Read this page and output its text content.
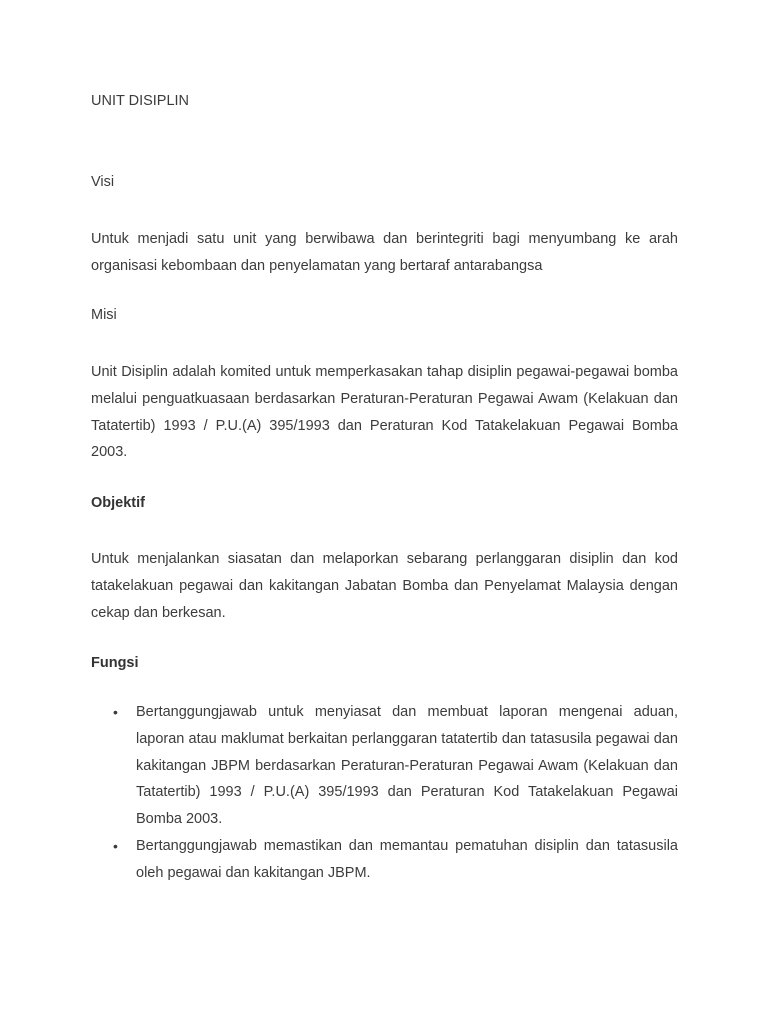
UNIT DISIPLIN

Visi

Untuk menjadi satu unit yang berwibawa dan berintegriti bagi menyumbang ke arah organisasi kebombaan dan penyelamatan yang bertaraf antarabangsa

Misi

Unit Disiplin adalah komited untuk memperkasakan tahap disiplin pegawai-pegawai bomba melalui penguatkuasaan berdasarkan Peraturan-Peraturan Pegawai Awam (Kelakuan dan Tatatertib) 1993 / P.U.(A) 395/1993 dan Peraturan Kod Tatakelakuan Pegawai Bomba 2003.

Objektif

Untuk menjalankan siasatan dan melaporkan sebarang perlanggaran disiplin dan kod tatakelakuan pegawai dan kakitangan Jabatan Bomba dan Penyelamat Malaysia dengan cekap dan berkesan.

Fungsi

• Bertanggungjawab untuk menyiasat dan membuat laporan mengenai aduan, laporan atau maklumat berkaitan perlanggaran tatatertib dan tatasusila pegawai dan kakitangan JBPM berdasarkan Peraturan-Peraturan Pegawai Awam (Kelakuan dan Tatatertib) 1993 / P.U.(A) 395/1993 dan Peraturan Kod Tatakelakuan Pegawai Bomba 2003.
• Bertanggungjawab memastikan dan memantau pematuhan disiplin dan tatasusila oleh pegawai dan kakitangan JBPM.
